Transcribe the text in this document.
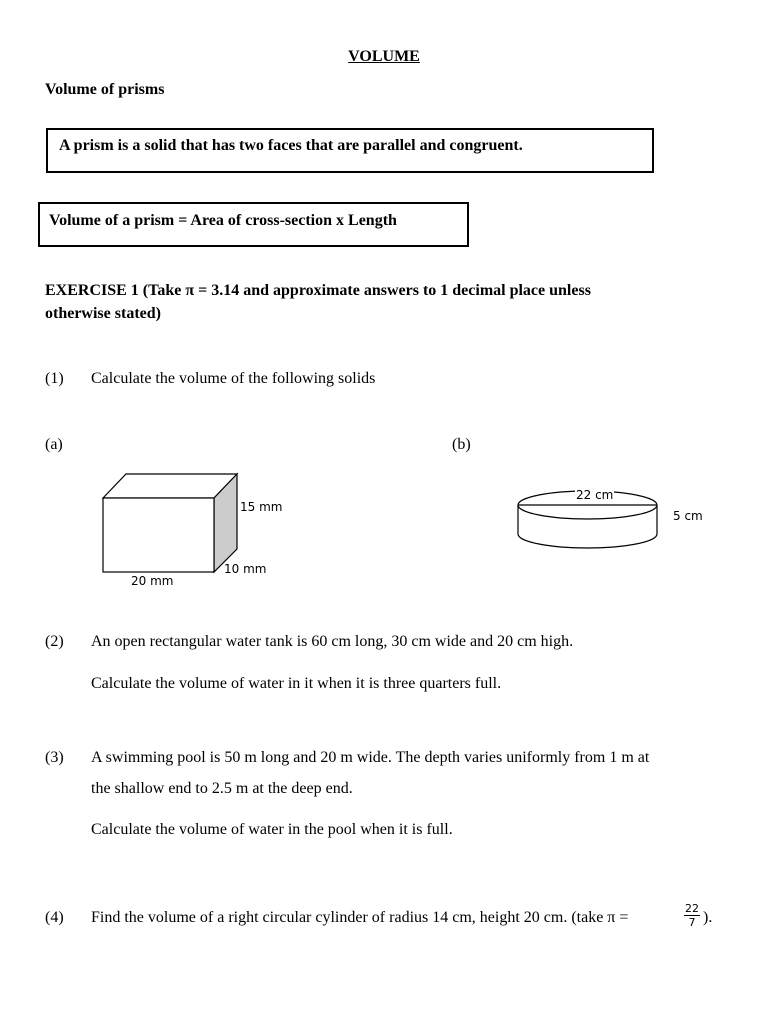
VOLUME
Volume of prisms
A prism is a solid that has two faces that are parallel and congruent.
Volume of a prism = Area of cross-section x Length
EXERCISE 1 (Take π = 3.14 and approximate answers to 1 decimal place unless
otherwise stated)
(1) Calculate the volume of the following solids
(a)	(b)
15 mm
10 mm
20 mm
22 cm
5 cm
(2) An open rectangular water tank is 60 cm long, 30 cm wide and 20 cm high.
Calculate the volume of water in it when it is three quarters full.
(3) A swimming pool is 50 m long and 20 m wide. The depth varies uniformly from 1 m at
the shallow end to 2.5 m at the deep end.
Calculate the volume of water in the pool when it is full.
(4) Find the volume of a right circular cylinder of radius 14 cm, height 20 cm. (take π =	$\frac{22}{7}$ ).
